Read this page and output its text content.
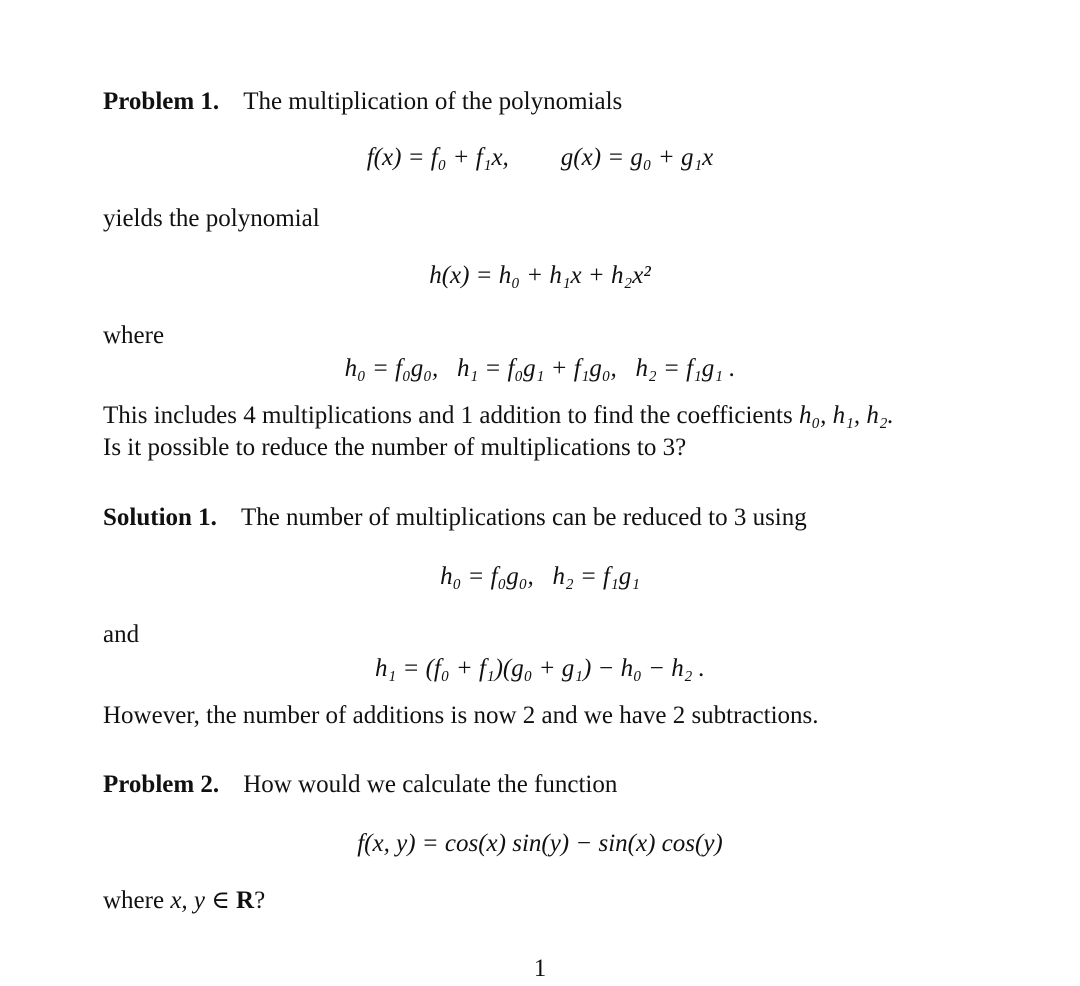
Problem 1. The multiplication of the polynomials
f(x) = f₀ + f₁x, g(x) = g₀ + g₁x
yields the polynomial
h(x) = h₀ + h₁x + h₂x²
where
h₀ = f₀g₀,   h₁ = f₀g₁ + f₁g₀,   h₂ = f₁g₁ .
This includes 4 multiplications and 1 addition to find the coefficients h₀, h₁, h₂.
Is it possible to reduce the number of multiplications to 3?
Solution 1. The number of multiplications can be reduced to 3 using
h₀ = f₀g₀,   h₂ = f₁g₁
and
h₁ = (f₀ + f₁)(g₀ + g₁) − h₀ − h₂ .
However, the number of additions is now 2 and we have 2 subtractions.
Problem 2. How would we calculate the function
f(x, y) = cos(x) sin(y) − sin(x) cos(y)
where x, y ∈ R?
1
